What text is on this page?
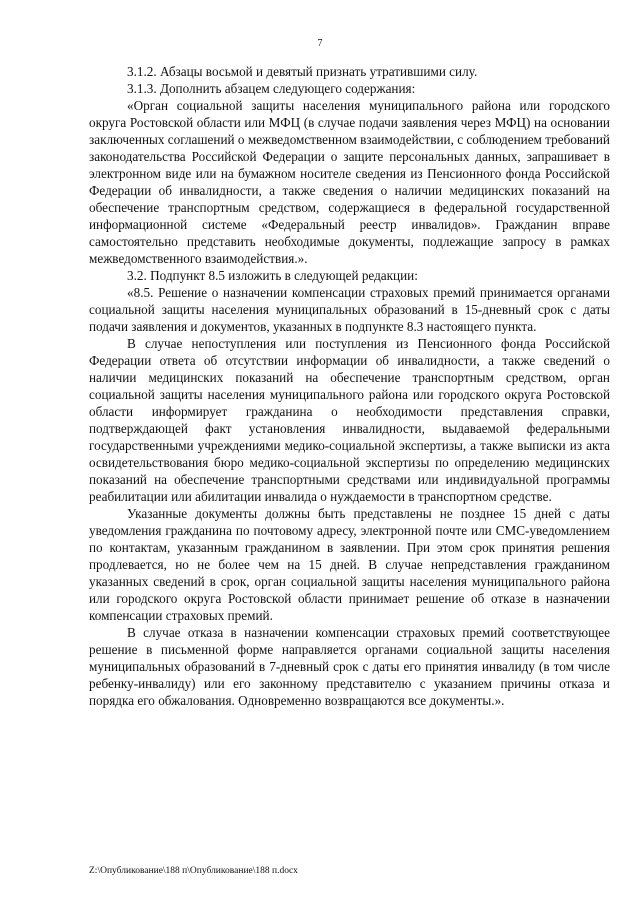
7

3.1.2. Абзацы восьмой и девятый признать утратившими силу.

3.1.3. Дополнить абзацем следующего содержания:

«Орган социальной защиты населения муниципального района или городского округа Ростовской области или МФЦ (в случае подачи заявления через МФЦ) на основании заключенных соглашений о межведомственном взаимодействии, с соблюдением требований законодательства Российской Федерации о защите персональных данных, запрашивает в электронном виде или на бумажном носителе сведения из Пенсионного фонда Российской Федерации об инвалидности, а также сведения о наличии медицинских показаний на обеспечение транспортным средством, содержащиеся в федеральной государственной информационной системе «Федеральный реестр инвалидов». Гражданин вправе самостоятельно представить необходимые документы, подлежащие запросу в рамках межведомственного взаимодействия.».

3.2. Подпункт 8.5 изложить в следующей редакции:

«8.5. Решение о назначении компенсации страховых премий принимается органами социальной защиты населения муниципальных образований в 15-дневный срок с даты подачи заявления и документов, указанных в подпункте 8.3 настоящего пункта.

В случае непоступления или поступления из Пенсионного фонда Российской Федерации ответа об отсутствии информации об инвалидности, а также сведений о наличии медицинских показаний на обеспечение транспортным средством, орган социальной защиты населения муниципального района или городского округа Ростовской области информирует гражданина о необходимости представления справки, подтверждающей факт установления инвалидности, выдаваемой федеральными государственными учреждениями медико-социальной экспертизы, а также выписки из акта освидетельствования бюро медико-социальной экспертизы по определению медицинских показаний на обеспечение транспортными средствами или индивидуальной программы реабилитации или абилитации инвалида о нуждаемости в транспортном средстве.

Указанные документы должны быть представлены не позднее 15 дней с даты уведомления гражданина по почтовому адресу, электронной почте или СМС-уведомлением по контактам, указанным гражданином в заявлении. При этом срок принятия решения продлевается, но не более чем на 15 дней. В случае непредставления гражданином указанных сведений в срок, орган социальной защиты населения муниципального района или городского округа Ростовской области принимает решение об отказе в назначении компенсации страховых премий.

В случае отказа в назначении компенсации страховых премий соответствующее решение в письменной форме направляется органами социальной защиты населения муниципальных образований в 7-дневный срок с даты его принятия инвалиду (в том числе ребенку-инвалиду) или его законному представителю с указанием причины отказа и порядка его обжалования. Одновременно возвращаются все документы.».

Z:\Опубликование\188 п\Опубликование\188 п.docx
